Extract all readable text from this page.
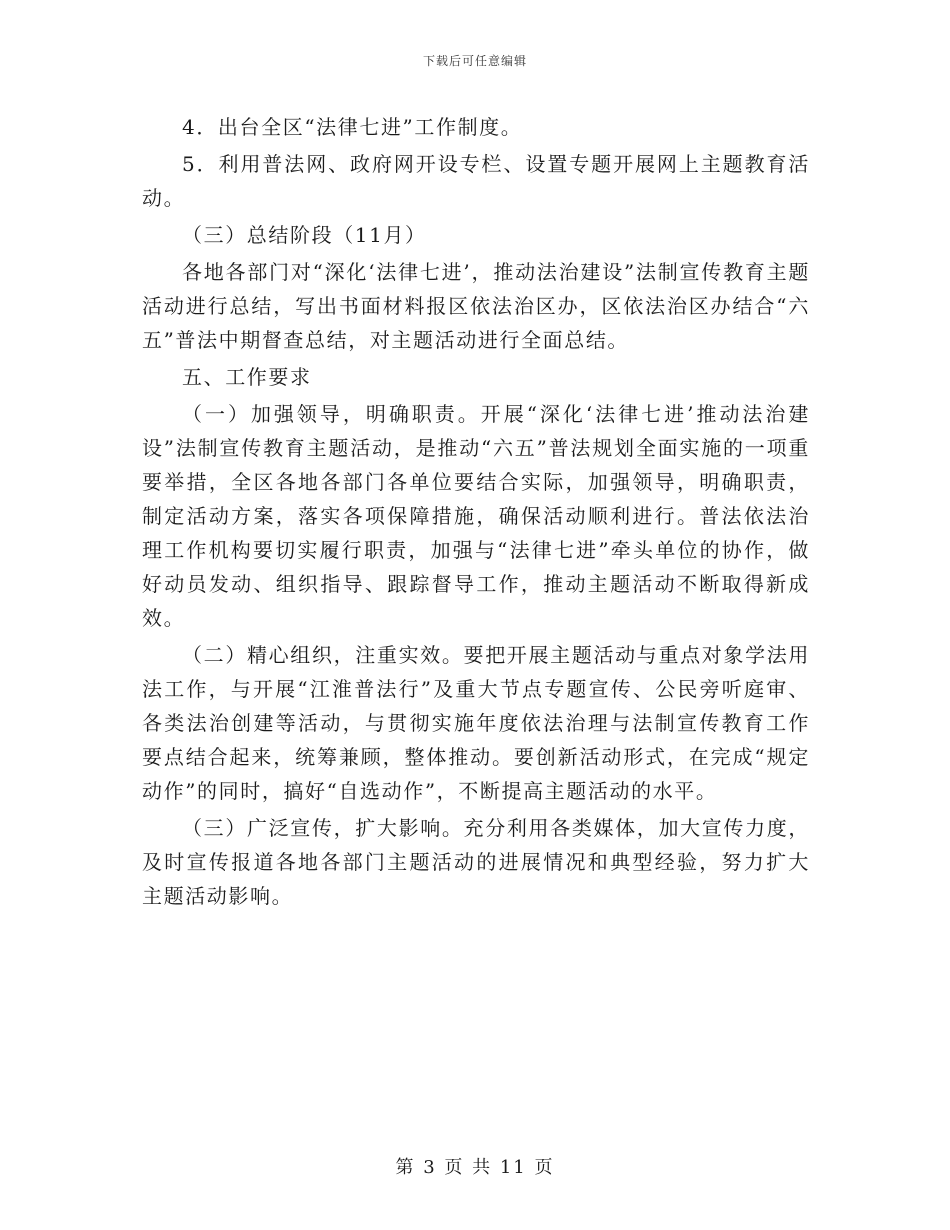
下载后可任意编辑

4．出台全区“法律七进”工作制度。

5．利用普法网、政府网开设专栏、设置专题开展网上主题教育活动。

（三）总结阶段（11月）

各地各部门对“深化‘法律七进’，推动法治建设”法制宣传教育主题活动进行总结，写出书面材料报区依法治区办，区依法治区办结合“六五”普法中期督查总结，对主题活动进行全面总结。

五、工作要求

（一）加强领导，明确职责。开展“深化‘法律七进’推动法治建设”法制宣传教育主题活动，是推动“六五”普法规划全面实施的一项重要举措，全区各地各部门各单位要结合实际，加强领导，明确职责，制定活动方案，落实各项保障措施，确保活动顺利进行。普法依法治理工作机构要切实履行职责，加强与“法律七进”牵头单位的协作，做好动员发动、组织指导、跟踪督导工作，推动主题活动不断取得新成效。

（二）精心组织，注重实效。要把开展主题活动与重点对象学法用法工作，与开展“江淮普法行”及重大节点专题宣传、公民旁听庭审、各类法治创建等活动，与贯彻实施年度依法治理与法制宣传教育工作要点结合起来，统筹兼顾，整体推动。要创新活动形式，在完成“规定动作”的同时，搞好“自选动作”，不断提高主题活动的水平。

（三）广泛宣传，扩大影响。充分利用各类媒体，加大宣传力度，及时宣传报道各地各部门主题活动的进展情况和典型经验，努力扩大主题活动影响。

第 3 页 共 11 页
